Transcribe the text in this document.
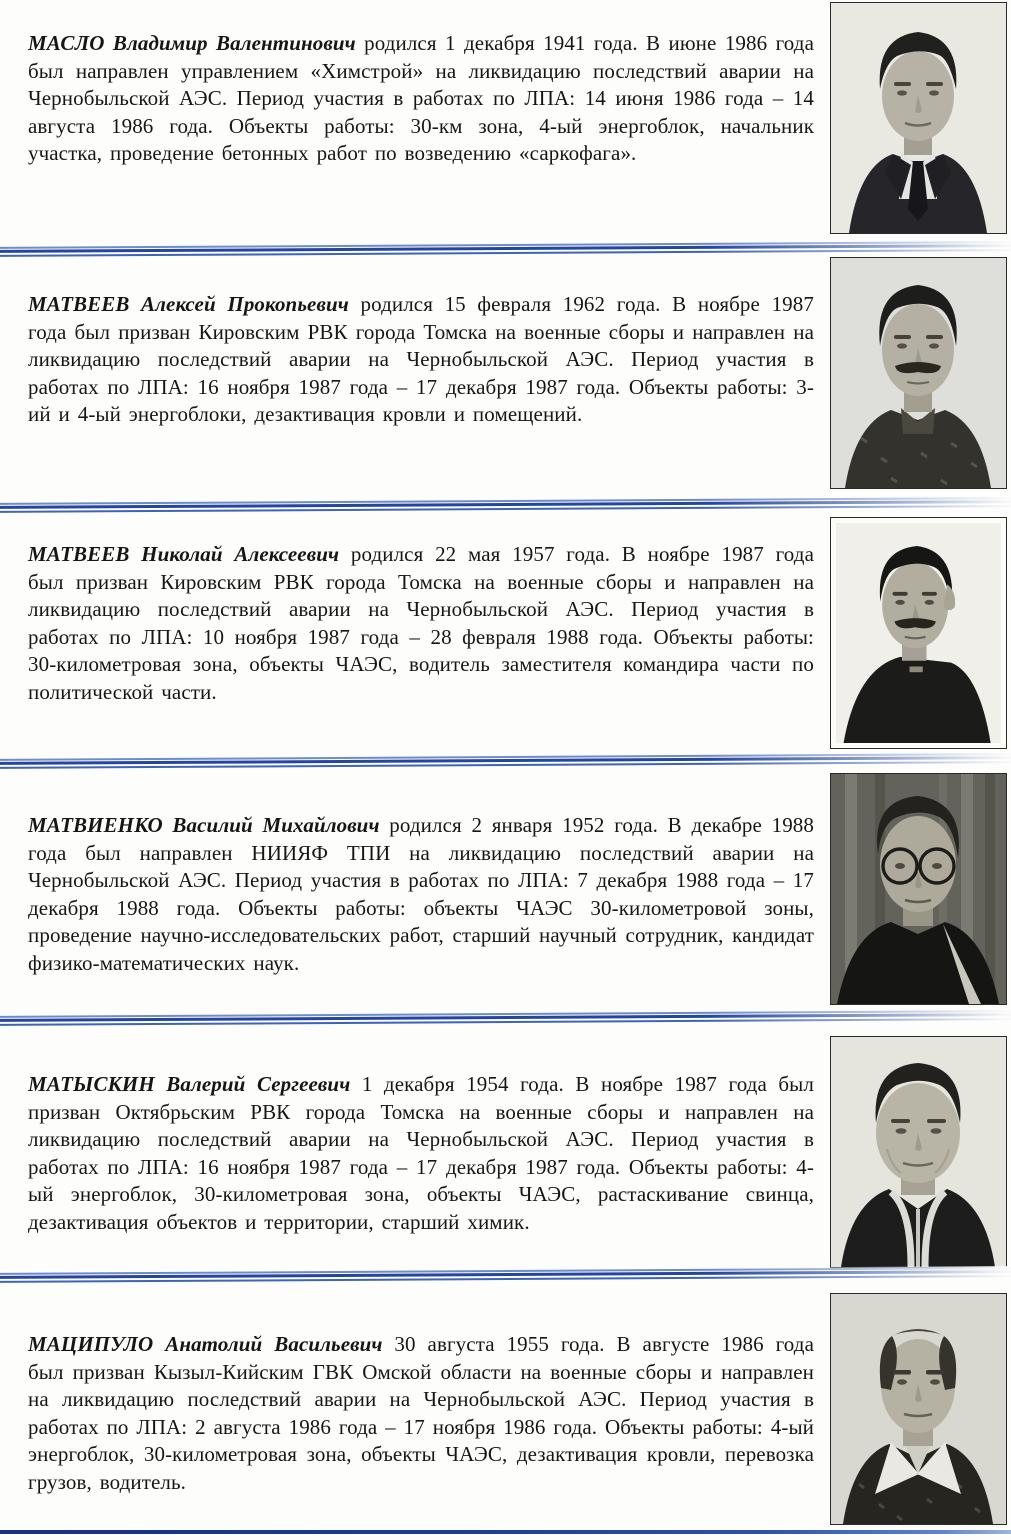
МАСЛО Владимир Валентинович родился 1 декабря 1941 года. В июне 1986 года был направлен управлением «Химстрой» на ликвидацию последствий аварии на Чернобыльской АЭС. Период участия в работах по ЛПА: 14 июня 1986 года – 14 августа 1986 года. Объекты работы: 30-км зона, 4-ый энергоблок, начальник участка, проведение бетонных работ по возведению «саркофага».

МАТВЕЕВ Алексей Прокопьевич родился 15 февраля 1962 года. В ноябре 1987 года был призван Кировским РВК города Томска на военные сборы и направлен на ликвидацию последствий аварии на Чернобыльской АЭС. Период участия в работах по ЛПА: 16 ноября 1987 года – 17 декабря 1987 года. Объекты работы: 3-ий и 4-ый энергоблоки, дезактивация кровли и помещений.

МАТВЕЕВ Николай Алексеевич родился 22 мая 1957 года. В ноябре 1987 года был призван Кировским РВК города Томска на военные сборы и направлен на ликвидацию последствий аварии на Чернобыльской АЭС. Период участия в работах по ЛПА: 10 ноября 1987 года – 28 февраля 1988 года. Объекты работы: 30-километровая зона, объекты ЧАЭС, водитель заместителя командира части по политической части.

МАТВИЕНКО Василий Михайлович родился 2 января 1952 года. В декабре 1988 года был направлен НИИЯФ ТПИ на ликвидацию последствий аварии на Чернобыльской АЭС. Период участия в работах по ЛПА: 7 декабря 1988 года – 17 декабря 1988 года. Объекты работы: объекты ЧАЭС 30-километровой зоны, проведение научно-исследовательских работ, старший научный сотрудник, кандидат физико-математических наук.

МАТЫСКИН Валерий Сергеевич 1 декабря 1954 года. В ноябре 1987 года был призван Октябрьским РВК города Томска на военные сборы и направлен на ликвидацию последствий аварии на Чернобыльской АЭС. Период участия в работах по ЛПА: 16 ноября 1987 года – 17 декабря 1987 года. Объекты работы: 4-ый энергоблок, 30-километровая зона, объекты ЧАЭС, растаскивание свинца, дезактивация объектов и территории, старший химик.

МАЦИПУЛО Анатолий Васильевич 30 августа 1955 года. В августе 1986 года был призван Кызыл-Кийским ГВК Омской области на военные сборы и направлен на ликвидацию последствий аварии на Чернобыльской АЭС. Период участия в работах по ЛПА: 2 августа 1986 года – 17 ноября 1986 года. Объекты работы: 4-ый энергоблок, 30-километровая зона, объекты ЧАЭС, дезактивация кровли, перевозка грузов, водитель.
